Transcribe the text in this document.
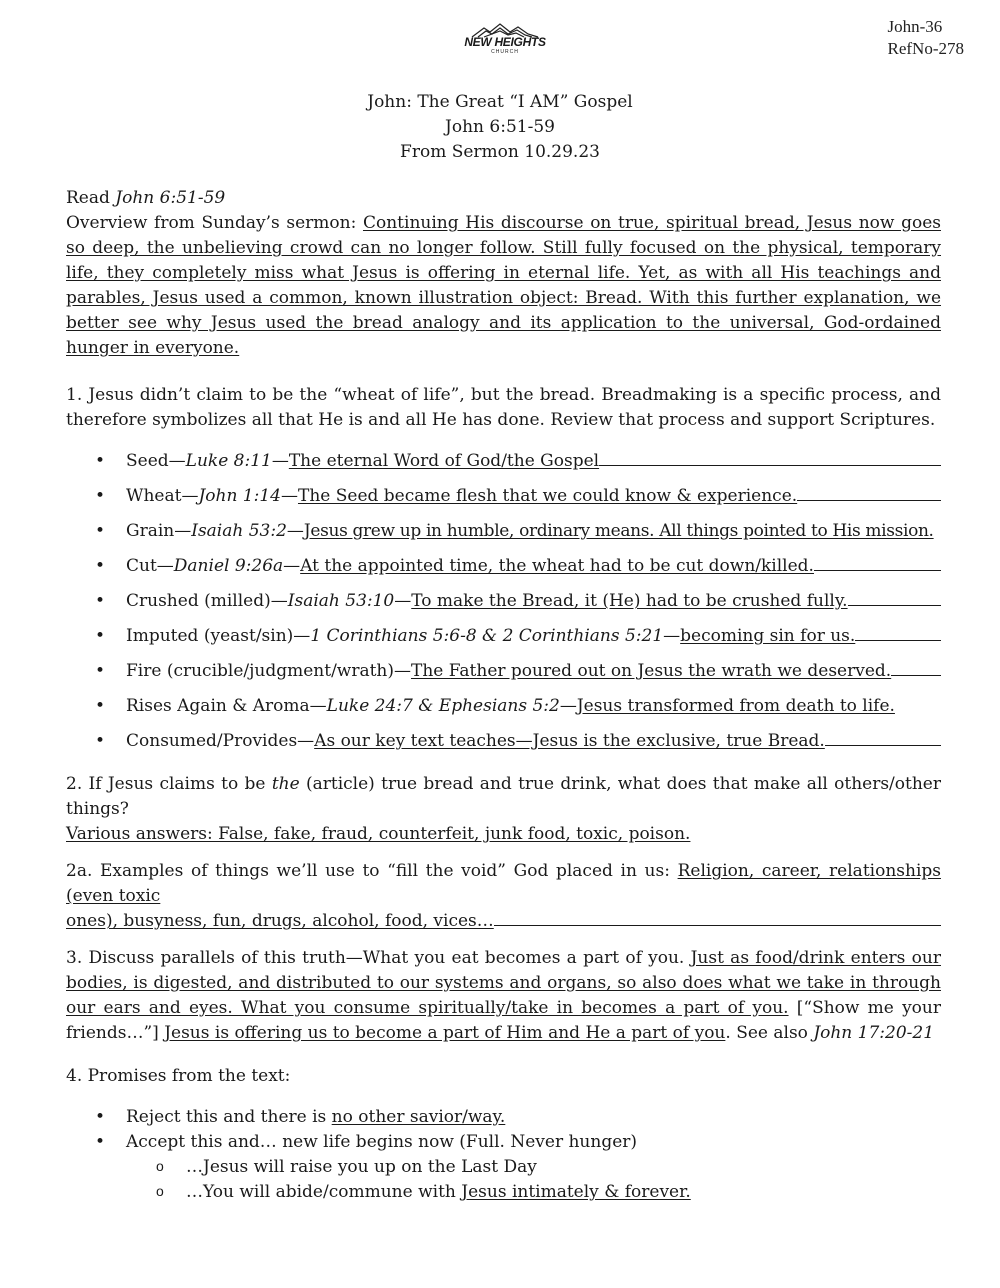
John-36
RefNo-278
NEW HEIGHTS
CHURCH
John: The Great “I AM” Gospel
John 6:51-59
From Sermon 10.29.23

Read John 6:51-59

Overview from Sunday’s sermon: Continuing His discourse on true, spiritual bread, Jesus now goes so deep, the unbelieving crowd can no longer follow. Still fully focused on the physical, temporary life, they completely miss what Jesus is offering in eternal life. Yet, as with all His teachings and parables, Jesus used a common, known illustration object: Bread. With this further explanation, we better see why Jesus used the bread analogy and its application to the universal, God-ordained hunger in everyone.

1. Jesus didn’t claim to be the “wheat of life”, but the bread. Breadmaking is a specific process, and therefore symbolizes all that He is and all He has done. Review that process and support Scriptures.

• Seed— Luke 8:11 — The eternal Word of God/the Gospel
• Wheat— John 1:14 — The Seed became flesh that we could know & experience.
• Grain— Isaiah 53:2 — Jesus grew up in humble, ordinary means. All things pointed to His mission.
• Cut— Daniel 9:26a — At the appointed time, the wheat had to be cut down/killed.
• Crushed (milled)— Isaiah 53:10 — To make the Bread, it (He) had to be crushed fully.
• Imputed (yeast/sin)— 1 Corinthians 5:6-8 & 2 Corinthians 5:21 — becoming sin for us.
• Fire (crucible/judgment/wrath)— The Father poured out on Jesus the wrath we deserved.
• Rises Again & Aroma— Luke 24:7 & Ephesians 5:2 — Jesus transformed from death to life.
• Consumed/Provides— As our key text teaches—Jesus is the exclusive, true Bread.

2. If Jesus claims to be the (article) true bread and true drink, what does that make all others/other things?

Various answers: False, fake, fraud, counterfeit, junk food, toxic, poison.

2a. Examples of things we’ll use to “fill the void” God placed in us: Religion, career, relationships (even toxic

ones), busyness, fun, drugs, alcohol, food, vices…

3. Discuss parallels of this truth—What you eat becomes a part of you. Just as food/drink enters our bodies, is digested, and distributed to our systems and organs, so also does what we take in through our ears and eyes. What you consume spiritually/take in becomes a part of you. [“Show me your friends…”] Jesus is offering us to become a part of Him and He a part of you. See also John 17:20-21

4. Promises from the text:

• Reject this and there is no other savior/way.
• Accept this and… new life begins now (Full. Never hunger)
o …Jesus will raise you up on the Last Day
o …You will abide/commune with Jesus intimately & forever.
